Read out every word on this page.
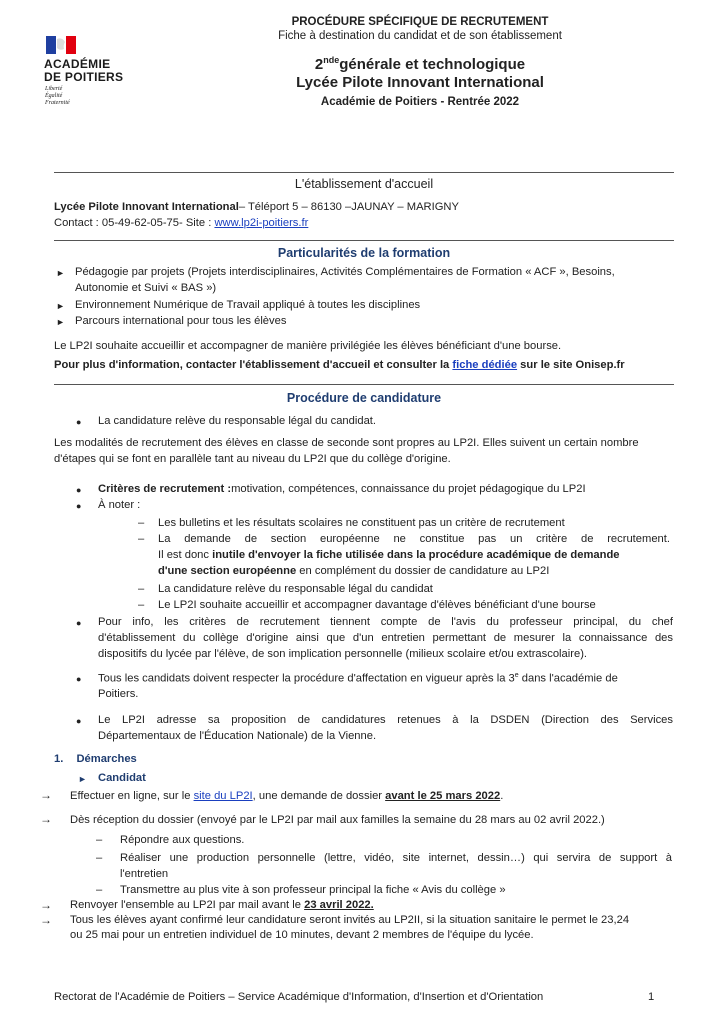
ACADÉMIE
DE POITIERS
Liberté
Égalité
Fraternité
PROCÉDURE SPÉCIFIQUE DE RECRUTEMENT
Fiche à destination du candidat et de son établissement
2ndegénérale et technologique
Lycée Pilote Innovant International
Académie de Poitiers - Rentrée 2022
L'établissement d'accueil
Lycée Pilote Innovant International– Téléport 5 – 86130 –JAUNAY – MARIGNY
Contact : 05-49-62-05-75- Site : www.lp2i-poitiers.fr
Particularités de la formation
► Pédagogie par projets (Projets interdisciplinaires, Activités Complémentaires de Formation « ACF », Besoins,
Autonomie et Suivi « BAS »)
► Environnement Numérique de Travail appliqué à toutes les disciplines
► Parcours international pour tous les élèves
Le LP2I souhaite accueillir et accompagner de manière privilégiée les élèves bénéficiant d'une bourse.
Pour plus d'information, contacter l'établissement d'accueil et consulter la fiche dédiée sur le site Onisep.fr
Procédure de candidature
● La candidature relève du responsable légal du candidat.
Les modalités de recrutement des élèves en classe de seconde sont propres au LP2I. Elles suivent un certain nombre
d'étapes qui se font en parallèle tant au niveau du LP2I que du collège d'origine.
● Critères de recrutement :motivation, compétences, connaissance du projet pédagogique du LP2I
● À noter :
– Les bulletins et les résultats scolaires ne constituent pas un critère de recrutement
– La demande de section européenne ne constitue pas un critère de recrutement.
Il est donc inutile d'envoyer la fiche utilisée dans la procédure académique de demande
d'une section européenne en complément du dossier de candidature au LP2I
– La candidature relève du responsable légal du candidat
– Le LP2I souhaite accueillir et accompagner davantage d'élèves bénéficiant d'une bourse
● Pour info, les critères de recrutement tiennent compte de l'avis du professeur principal, du chef
d'établissement du collège d'origine ainsi que d'un entretien permettant de mesurer la connaissance des
dispositifs du lycée par l'élève, de son implication personnelle (milieux scolaire et/ou extrascolaire).
● Tous les candidats doivent respecter la procédure d'affectation en vigueur après la 3e dans l'académie de
Poitiers.
● Le LP2I adresse sa proposition de candidatures retenues à la DSDEN (Direction des Services
Départementaux de l'Éducation Nationale) de la Vienne.
1. Démarches
► Candidat
→ Effectuer en ligne, sur le site du LP2I, une demande de dossier avant le 25 mars 2022.
→ Dès réception du dossier (envoyé par le LP2I par mail aux familles la semaine du 28 mars au 02 avril 2022.)
– Répondre aux questions.
– Réaliser une production personnelle (lettre, vidéo, site internet, dessin…) qui servira de support à
l'entretien
– Transmettre au plus vite à son professeur principal la fiche « Avis du collège »
→ Renvoyer l'ensemble au LP2I par mail avant le 23 avril 2022.
→ Tous les élèves ayant confirmé leur candidature seront invités au LP2II, si la situation sanitaire le permet le 23,24
ou 25 mai pour un entretien individuel de 10 minutes, devant 2 membres de l'équipe du lycée.
Rectorat de l'Académie de Poitiers – Service Académique d'Information, d'Insertion et d'Orientation	1
